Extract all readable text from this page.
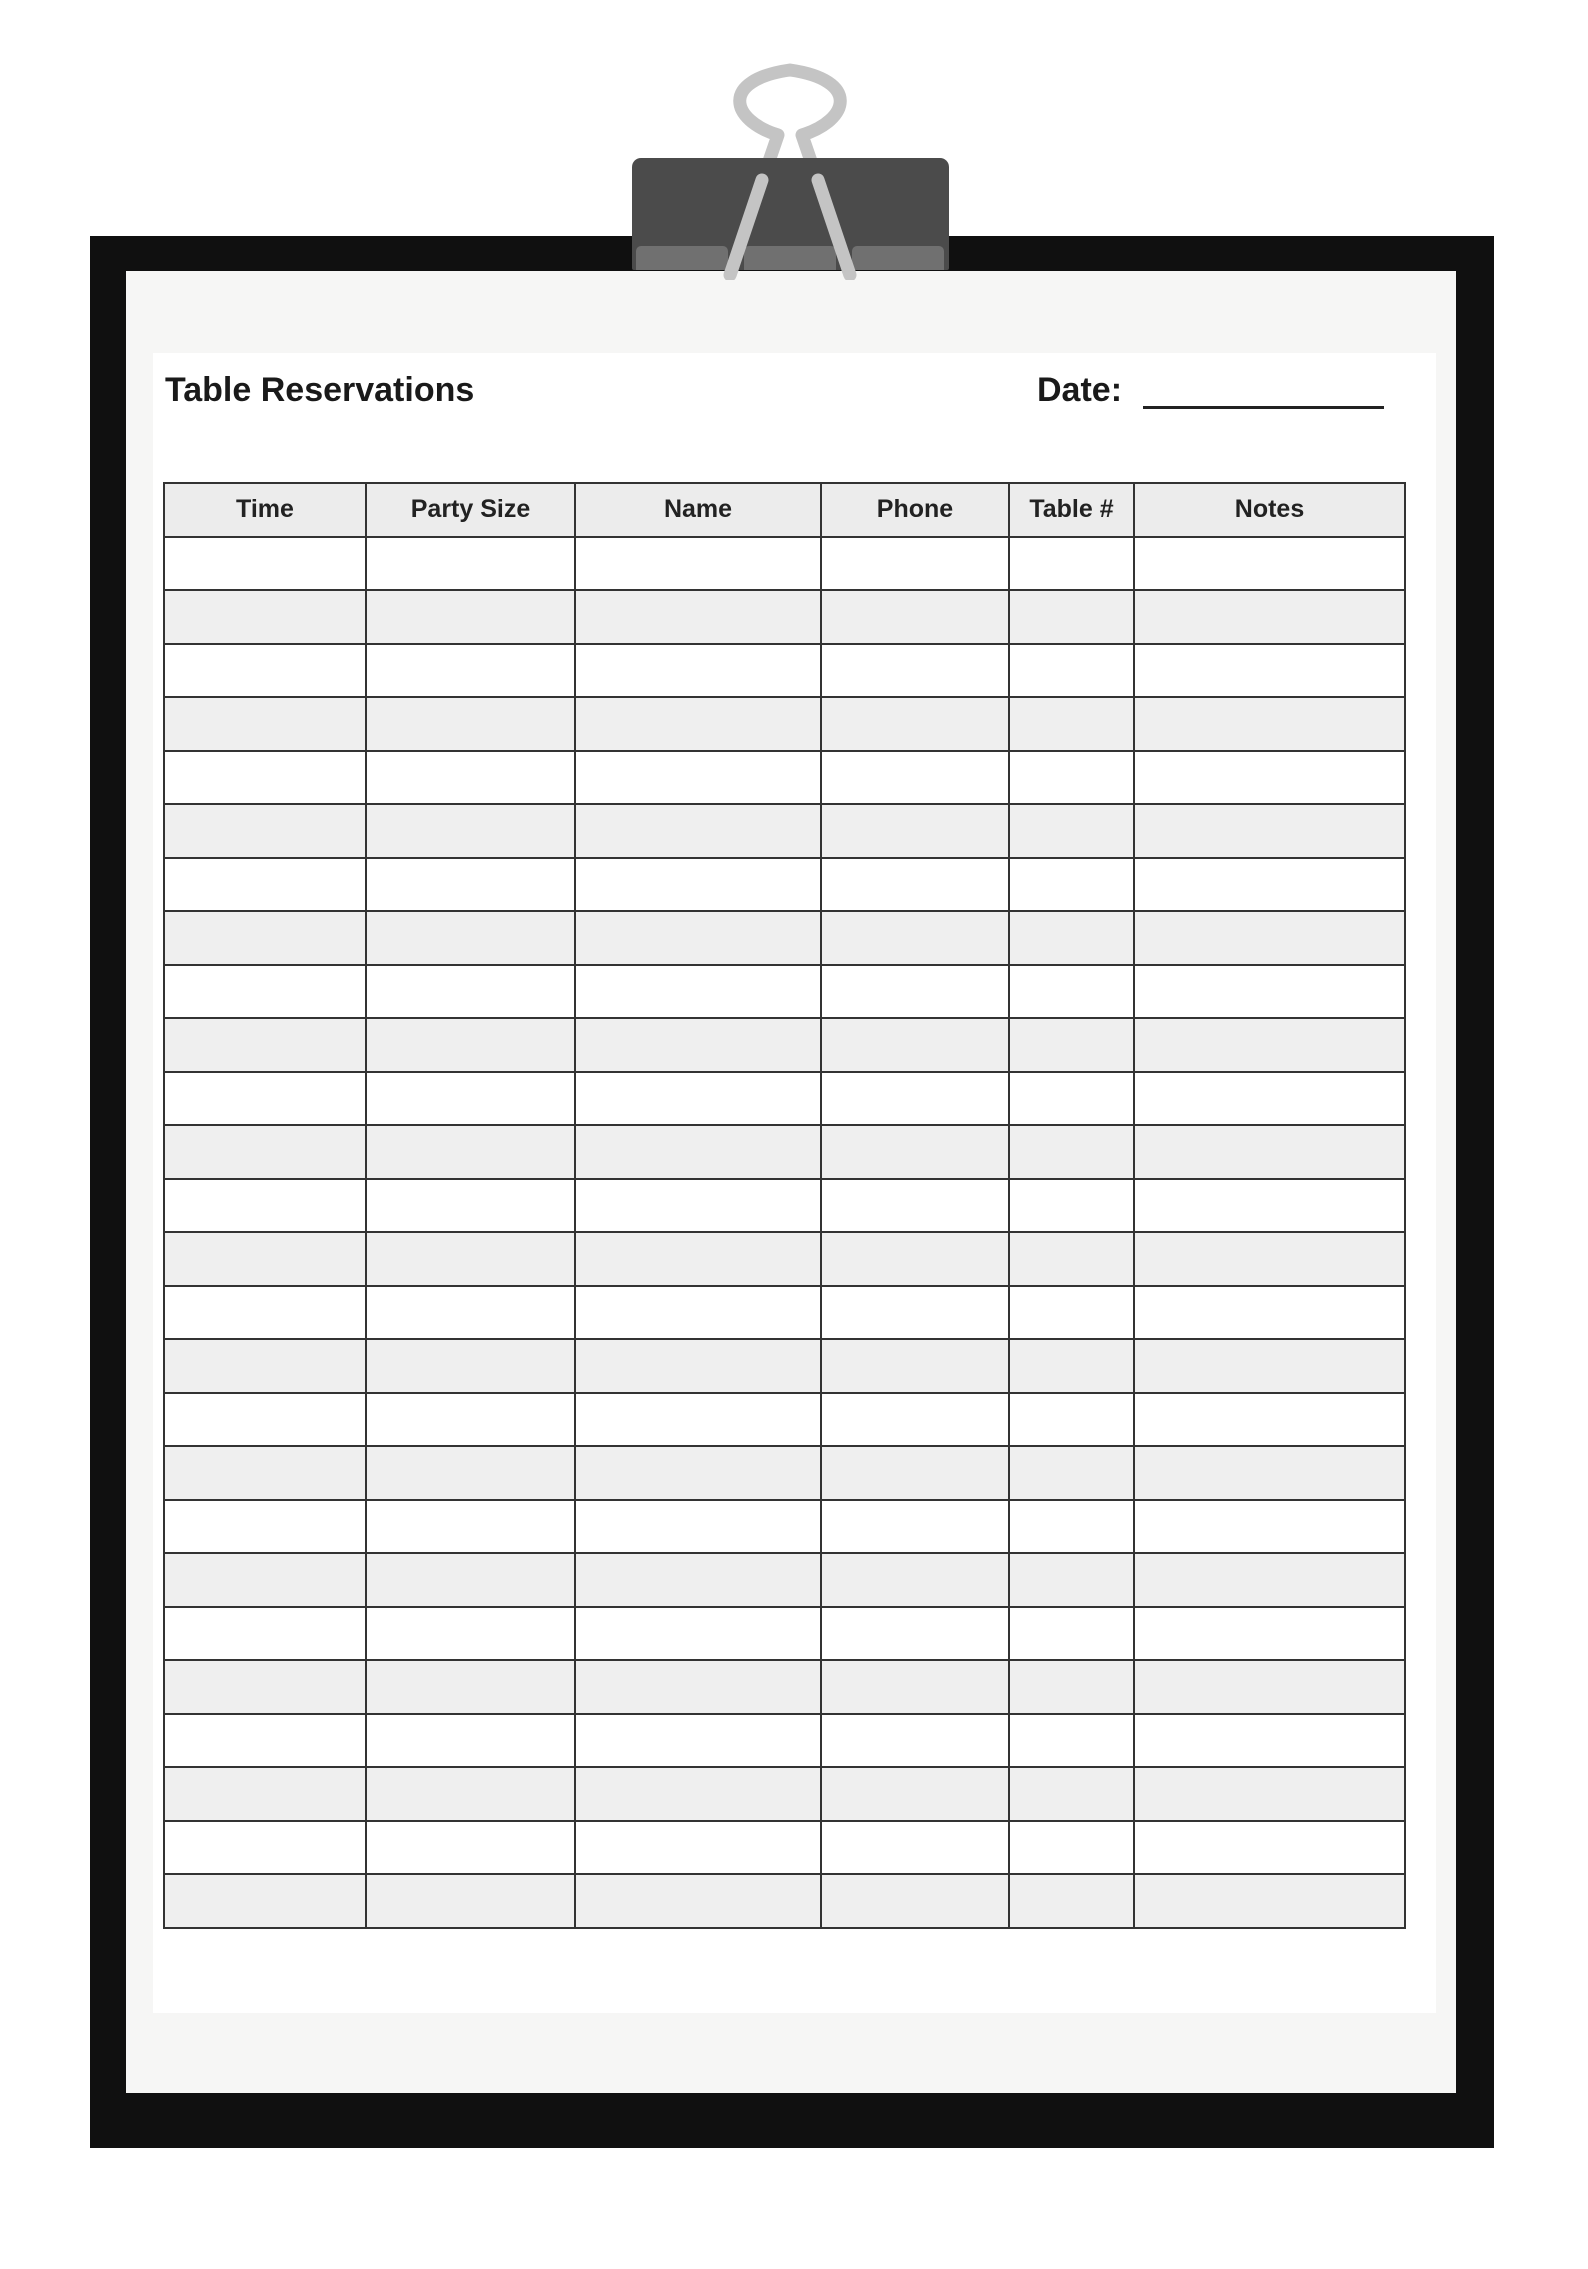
Table Reservations	Date:
Time	Party Size	Name	Phone	Table #	Notes
